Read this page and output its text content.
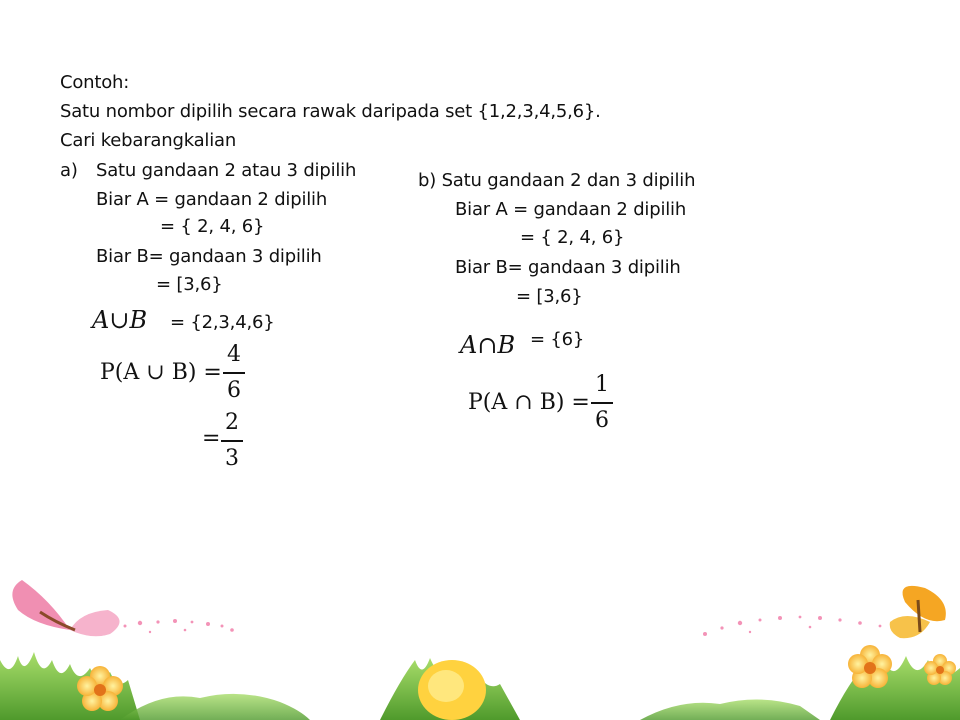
Contoh:
Satu nombor dipilih secara rawak daripada set {1,2,3,4,5,6}.
Cari kebarangkalian
a) Satu gandaan 2 atau 3 dipilih
Biar A = gandaan 2 dipilih
= { 2, 4, 6}
Biar B= gandaan 3 dipilih
= [3,6}
A∪B = {2,3,4,6}
P(A ∪ B) =
4
6
=
2
3
b) Satu gandaan 2 dan 3 dipilih
Biar A = gandaan 2 dipilih
= { 2, 4, 6}
Biar B= gandaan 3 dipilih
= [3,6}
A∩B = {6}
P(A ∩ B) =
1
6
